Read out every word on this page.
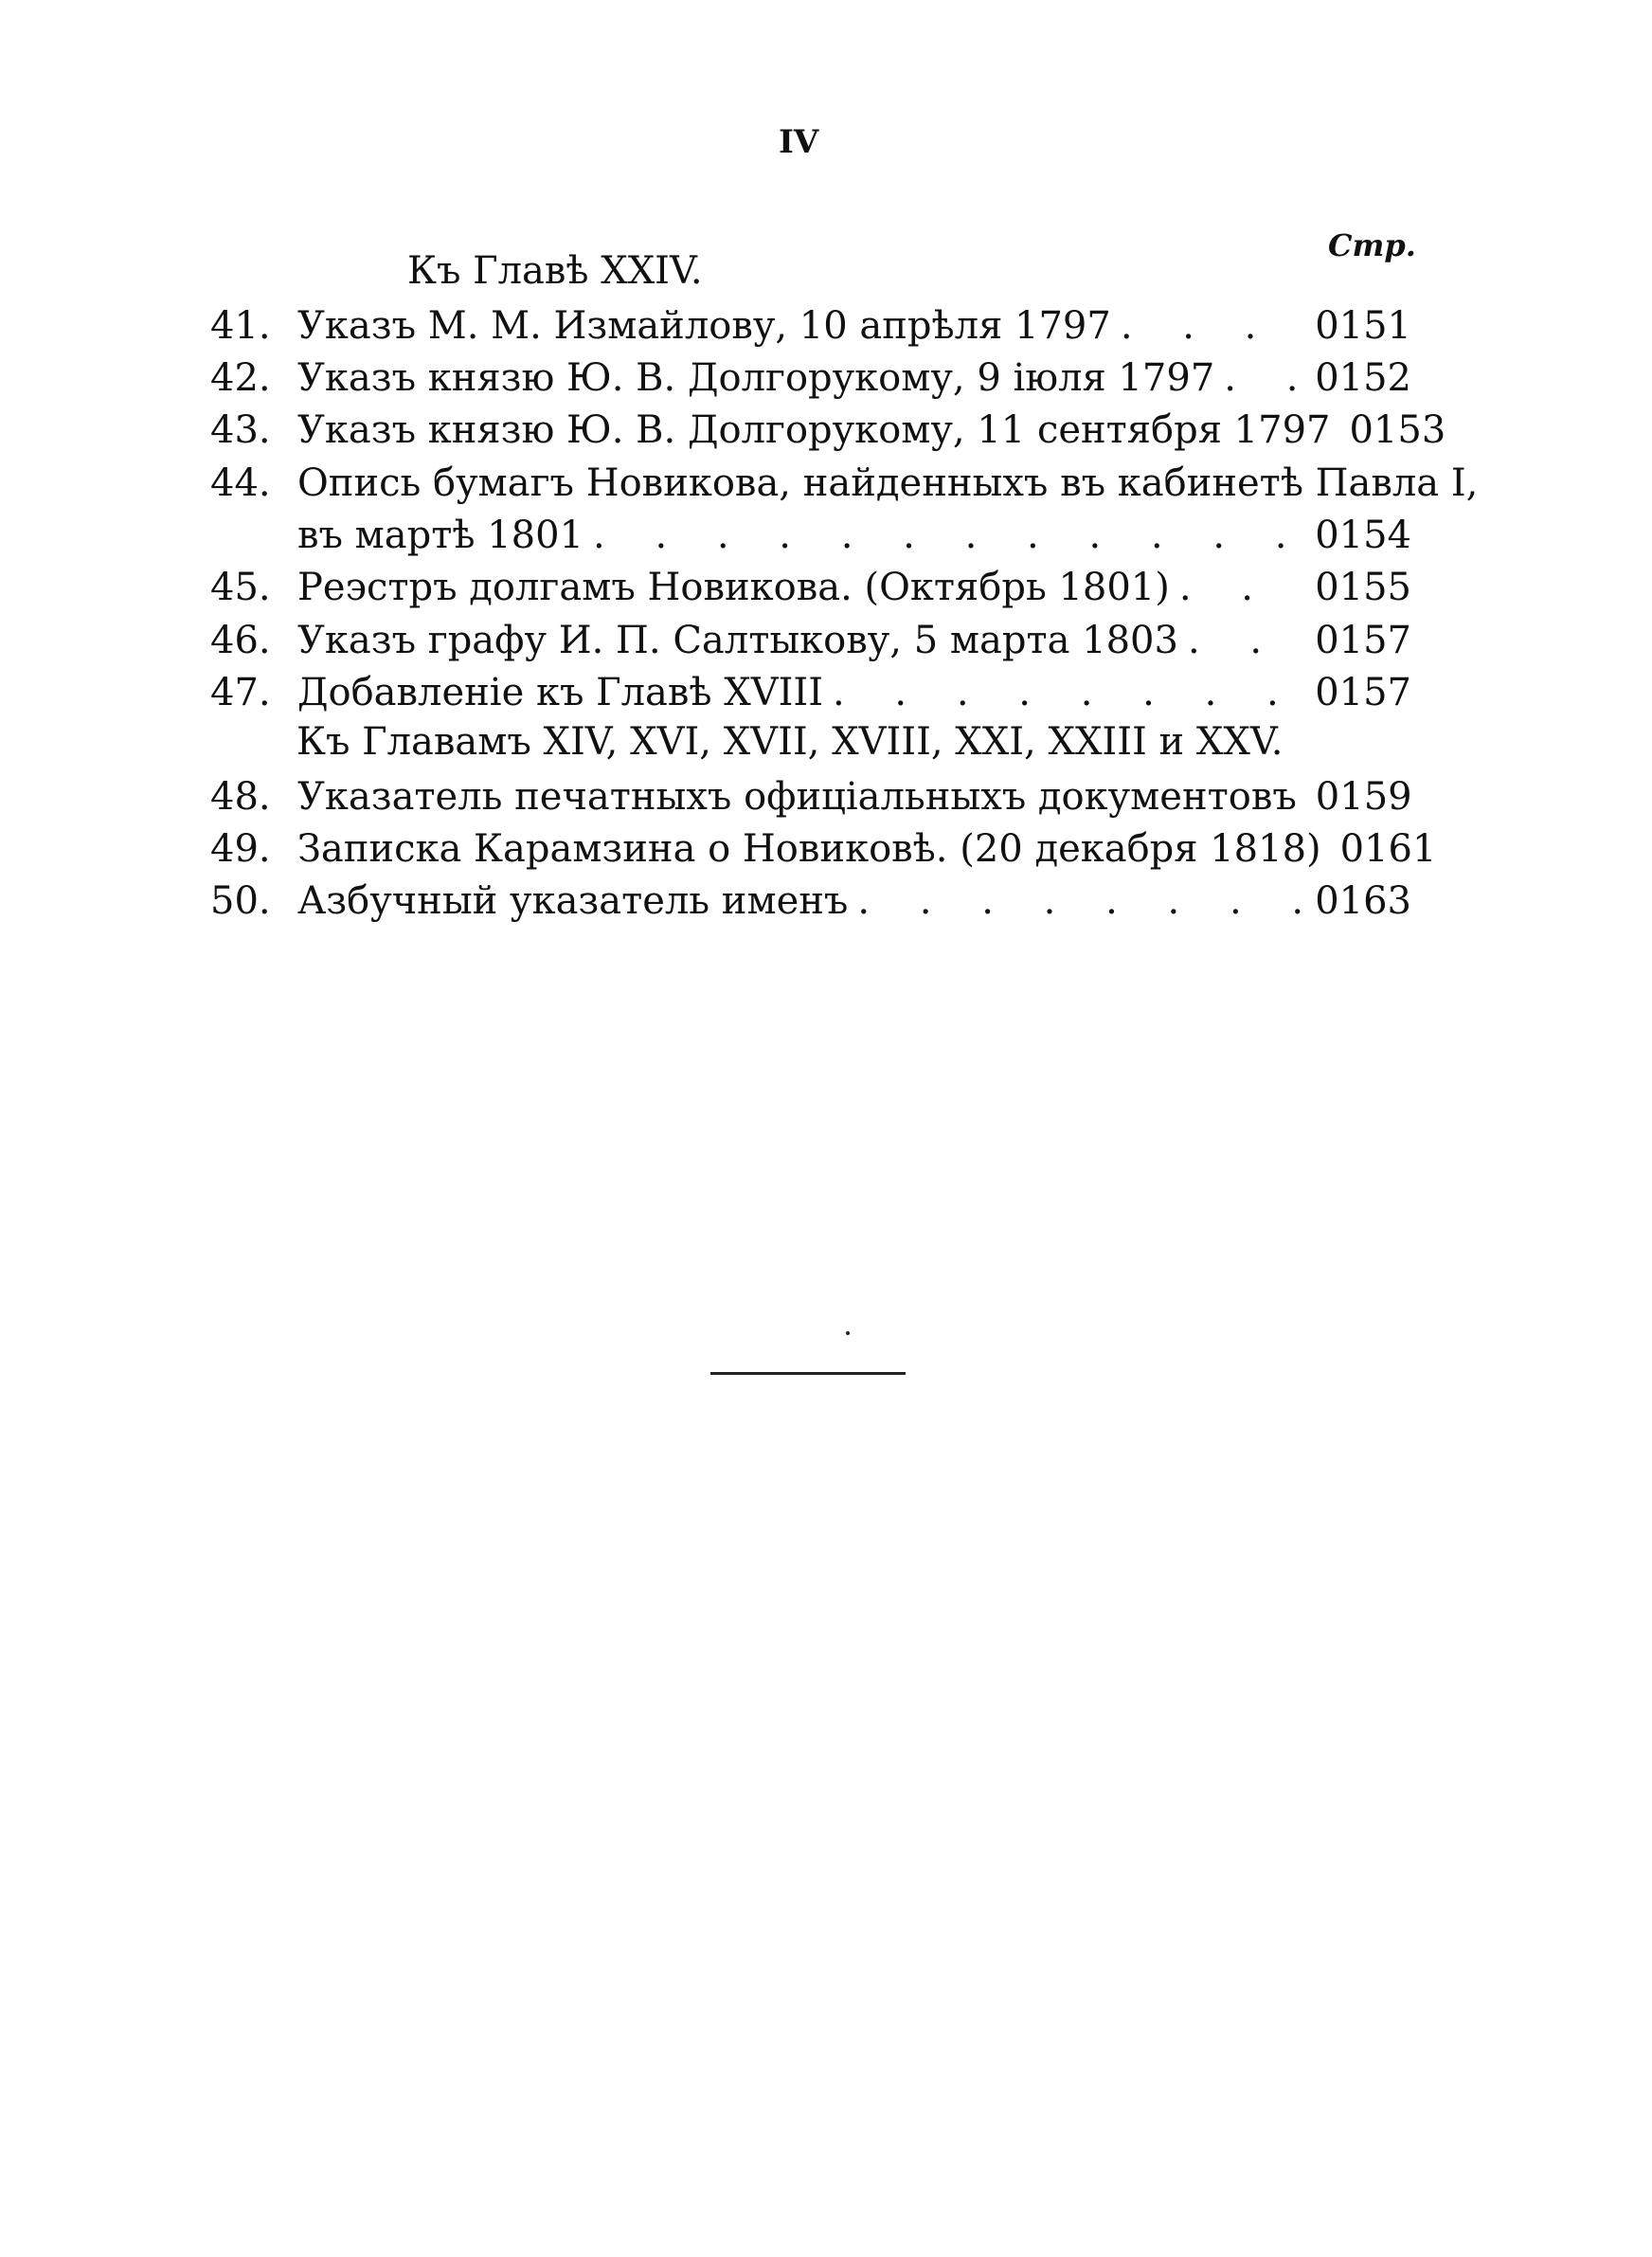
IV
Стр.
Къ Главѣ XXIV.
41. Указъ М. М. Измайлову, 10 апрѣля 1797 . . .	0151
42. Указъ князю Ю. В. Долгорукому, 9 іюля 1797 . . .	0152
43. Указъ князю Ю. В. Долгорукому, 11 сентября 1797 0153
44. Опись бумагъ Новикова, найденныхъ въ кабинетѣ Павла I,
въ мартѣ 1801 . . .	0154
45. Реэстръ долгамъ Новикова. (Октябрь 1801) . . .	0155
46. Указъ графу И. П. Салтыкову, 5 марта 1803 . . .	0157
47. Добавленіе къ Главѣ XVIII . . .	0157
Къ Главамъ XIV, XVI, XVII, XVIII, XXI, XXIII и XXV.
48. Указатель печатныхъ офиціальныхъ документовъ 0159
49. Записка Карамзина о Новиковѣ. (20 декабря 1818) 0161
50. Азбучный указатель именъ . . .	0163
